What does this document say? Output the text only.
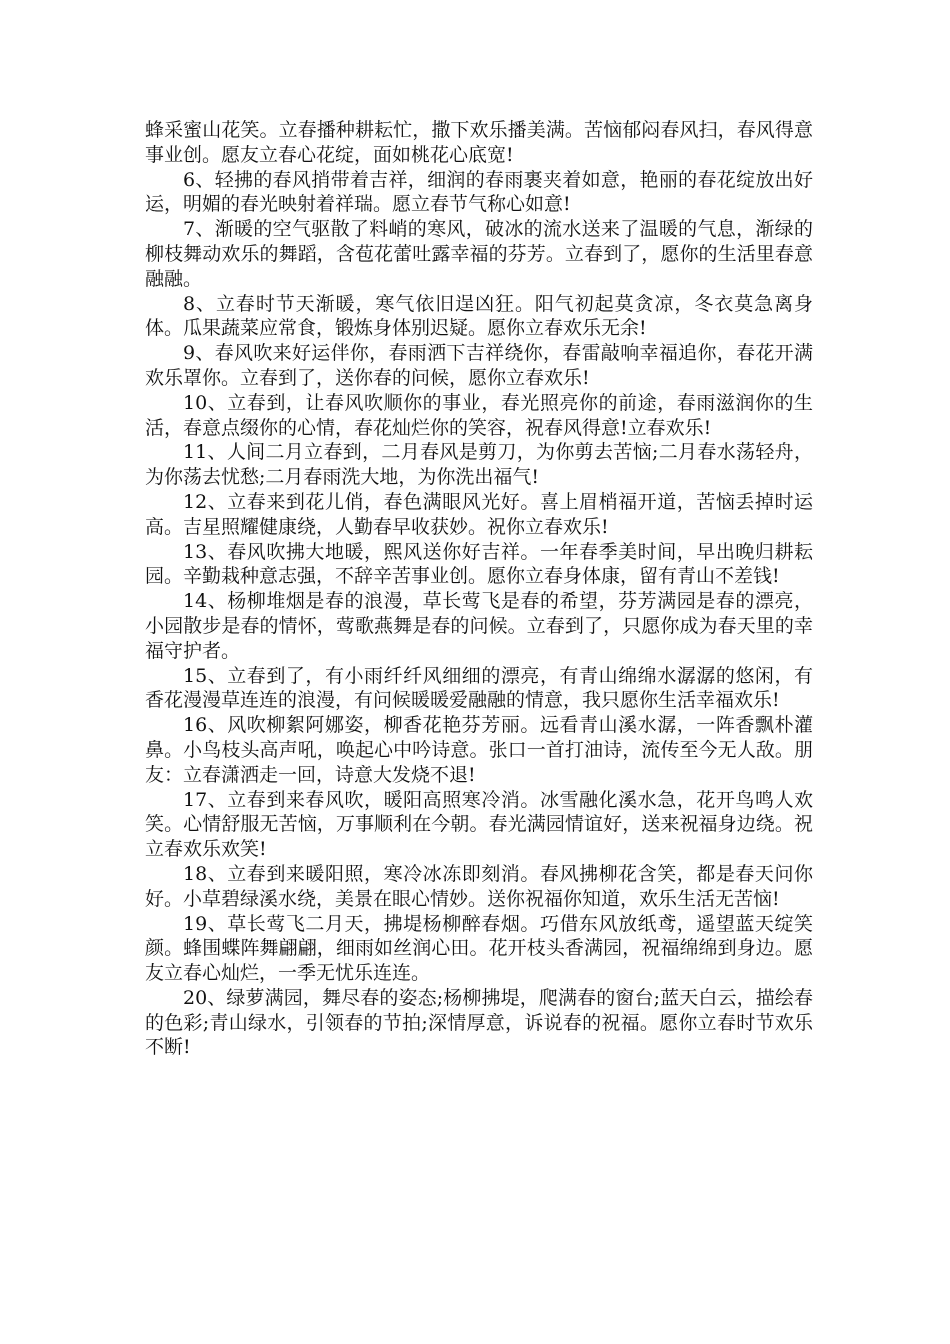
蜂采蜜山花笑。立春播种耕耘忙，撒下欢乐播美满。苦恼郁闷春风扫，春风得意事业创。愿友立春心花绽，面如桃花心底宽!

6、轻拂的春风捎带着吉祥，细润的春雨裹夹着如意，艳丽的春花绽放出好运，明媚的春光映射着祥瑞。愿立春节气称心如意!

7、渐暖的空气驱散了料峭的寒风，破冰的流水送来了温暖的气息，渐绿的柳枝舞动欢乐的舞蹈，含苞花蕾吐露幸福的芬芳。立春到了，愿你的生活里春意融融。

8、立春时节天渐暖，寒气依旧逞凶狂。阳气初起莫贪凉，冬衣莫急离身体。瓜果蔬菜应常食，锻炼身体别迟疑。愿你立春欢乐无余!

9、春风吹来好运伴你，春雨洒下吉祥绕你，春雷敲响幸福追你，春花开满欢乐罩你。立春到了，送你春的问候，愿你立春欢乐!

10、立春到，让春风吹顺你的事业，春光照亮你的前途，春雨滋润你的生活，春意点缀你的心情，春花灿烂你的笑容，祝春风得意!立春欢乐!

11、人间二月立春到，二月春风是剪刀，为你剪去苦恼;二月春水荡轻舟，为你荡去忧愁;二月春雨洗大地，为你洗出福气!

12、立春来到花儿俏，春色满眼风光好。喜上眉梢福开道，苦恼丢掉时运高。吉星照耀健康绕，人勤春早收获妙。祝你立春欢乐!

13、春风吹拂大地暖，熙风送你好吉祥。一年春季美时间，早出晚归耕耘园。辛勤栽种意志强，不辞辛苦事业创。愿你立春身体康，留有青山不差钱!

14、杨柳堆烟是春的浪漫，草长莺飞是春的希望，芬芳满园是春的漂亮，小园散步是春的情怀，莺歌燕舞是春的问候。立春到了，只愿你成为春天里的幸福守护者。

15、立春到了，有小雨纤纤风细细的漂亮，有青山绵绵水潺潺的悠闲，有香花漫漫草连连的浪漫，有问候暖暖爱融融的情意，我只愿你生活幸福欢乐!

16、风吹柳絮阿娜姿，柳香花艳芬芳丽。远看青山溪水潺，一阵香飘朴灌鼻。小鸟枝头高声吼，唤起心中吟诗意。张口一首打油诗，流传至今无人敌。朋友：立春潇洒走一回，诗意大发烧不退!

17、立春到来春风吹，暖阳高照寒冷消。冰雪融化溪水急，花开鸟鸣人欢笑。心情舒服无苦恼，万事顺利在今朝。春光满园情谊好，送来祝福身边绕。祝立春欢乐欢笑!

18、立春到来暖阳照，寒冷冰冻即刻消。春风拂柳花含笑，都是春天问你好。小草碧绿溪水绕，美景在眼心情妙。送你祝福你知道，欢乐生活无苦恼!

19、草长莺飞二月天，拂堤杨柳醉春烟。巧借东风放纸鸢，遥望蓝天绽笑颜。蜂围蝶阵舞翩翩，细雨如丝润心田。花开枝头香满园，祝福绵绵到身边。愿友立春心灿烂，一季无忧乐连连。

20、绿萝满园，舞尽春的姿态;杨柳拂堤，爬满春的窗台;蓝天白云，描绘春的色彩;青山绿水，引领春的节拍;深情厚意，诉说春的祝福。愿你立春时节欢乐不断!
